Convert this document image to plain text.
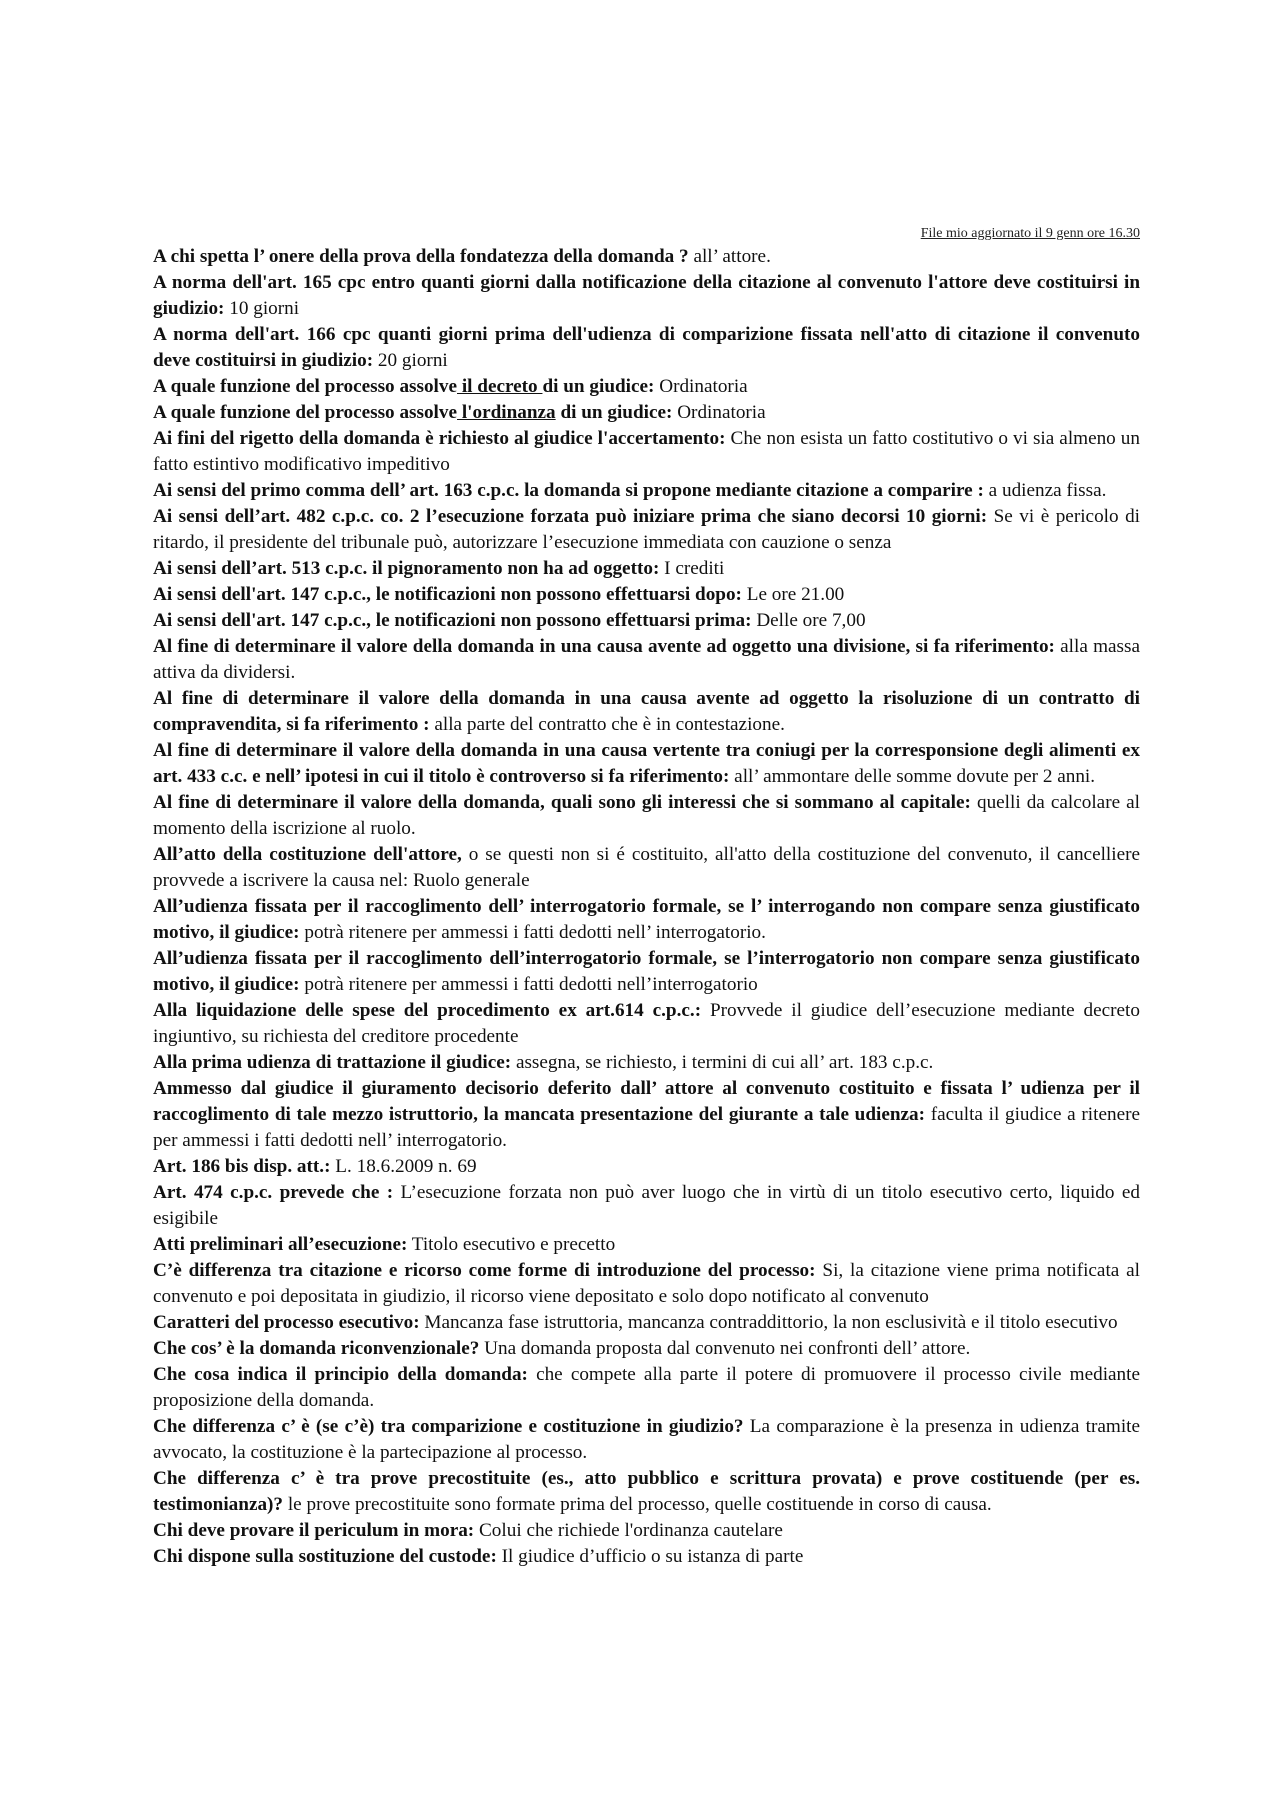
File mio aggiornato il 9 genn ore 16.30

A chi spetta l’ onere della prova della fondatezza della domanda ? all’ attore.

A norma dell'art. 165 cpc entro quanti giorni dalla notificazione della citazione al convenuto l'attore deve costituirsi in giudizio: 10 giorni

A norma dell'art. 166 cpc quanti giorni prima dell'udienza di comparizione fissata nell'atto di citazione il convenuto deve costituirsi in giudizio: 20 giorni

A quale funzione del processo assolve il decreto di un giudice: Ordinatoria

A quale funzione del processo assolve l'ordinanza di un giudice: Ordinatoria

Ai fini del rigetto della domanda è richiesto al giudice l'accertamento: Che non esista un fatto costitutivo o vi sia almeno un fatto estintivo modificativo impeditivo

Ai sensi del primo comma dell’ art. 163 c.p.c. la domanda si propone mediante citazione a comparire : a udienza fissa.

Ai sensi dell’art. 482 c.p.c. co. 2 l’esecuzione forzata può iniziare prima che siano decorsi 10 giorni: Se vi è pericolo di ritardo, il presidente del tribunale può, autorizzare l’esecuzione immediata con cauzione o senza

Ai sensi dell’art. 513 c.p.c. il pignoramento non ha ad oggetto: I crediti

Ai sensi dell'art. 147 c.p.c., le notificazioni non possono effettuarsi dopo: Le ore 21.00

Ai sensi dell'art. 147 c.p.c., le notificazioni non possono effettuarsi prima: Delle ore 7,00

Al fine di determinare il valore della domanda in una causa avente ad oggetto una divisione, si fa riferimento: alla massa attiva da dividersi.

Al fine di determinare il valore della domanda in una causa avente ad oggetto la risoluzione di un contratto di compravendita, si fa riferimento : alla parte del contratto che è in contestazione.

Al fine di determinare il valore della domanda in una causa vertente tra coniugi per la corresponsione degli alimenti ex art. 433 c.c. e nell’ ipotesi in cui il titolo è controverso si fa riferimento: all’ ammontare delle somme dovute per 2 anni.

Al fine di determinare il valore della domanda, quali sono gli interessi che si sommano al capitale: quelli da calcolare al momento della iscrizione al ruolo.

All’atto della costituzione dell'attore, o se questi non si é costituito, all'atto della costituzione del convenuto, il cancelliere provvede a iscrivere la causa nel: Ruolo generale

All’udienza fissata per il raccoglimento dell’ interrogatorio formale, se l’ interrogando non compare senza giustificato motivo, il giudice: potrà ritenere per ammessi i fatti dedotti nell’ interrogatorio.

All’udienza fissata per il raccoglimento dell’interrogatorio formale, se l’interrogatorio non compare senza giustificato motivo, il giudice: potrà ritenere per ammessi i fatti dedotti nell’interrogatorio

Alla liquidazione delle spese del procedimento ex art.614 c.p.c.: Provvede il giudice dell’esecuzione mediante decreto ingiuntivo, su richiesta del creditore procedente

Alla prima udienza di trattazione il giudice: assegna, se richiesto, i termini di cui all’ art. 183 c.p.c.

Ammesso dal giudice il giuramento decisorio deferito dall’ attore al convenuto costituito e fissata l’ udienza per il raccoglimento di tale mezzo istruttorio, la mancata presentazione del giurante a tale udienza: faculta il giudice a ritenere per ammessi i fatti dedotti nell’ interrogatorio.

Art. 186 bis disp. att.: L. 18.6.2009 n. 69

Art. 474 c.p.c. prevede che : L’esecuzione forzata non può aver luogo che in virtù di un titolo esecutivo certo, liquido ed esigibile

Atti preliminari all’esecuzione: Titolo esecutivo e precetto

C’è differenza tra citazione e ricorso come forme di introduzione del processo: Si, la citazione viene prima notificata al convenuto e poi depositata in giudizio, il ricorso viene depositato e solo dopo notificato al convenuto

Caratteri del processo esecutivo: Mancanza fase istruttoria, mancanza contraddittorio, la non esclusività e il titolo esecutivo

Che cos’ è la domanda riconvenzionale? Una domanda proposta dal convenuto nei confronti dell’ attore.

Che cosa indica il principio della domanda: che compete alla parte il potere di promuovere il processo civile mediante proposizione della domanda.

Che differenza c’ è (se c’è) tra comparizione e costituzione in giudizio? La comparazione è la presenza in udienza tramite avvocato, la costituzione è la partecipazione al processo.

Che differenza c’ è tra prove precostituite (es., atto pubblico e scrittura provata) e prove costituende (per es. testimonianza)? le prove precostituite sono formate prima del processo, quelle costituende in corso di causa.

Chi deve provare il periculum in mora: Colui che richiede l'ordinanza cautelare

Chi dispone sulla sostituzione del custode: Il giudice d’ufficio o su istanza di parte
